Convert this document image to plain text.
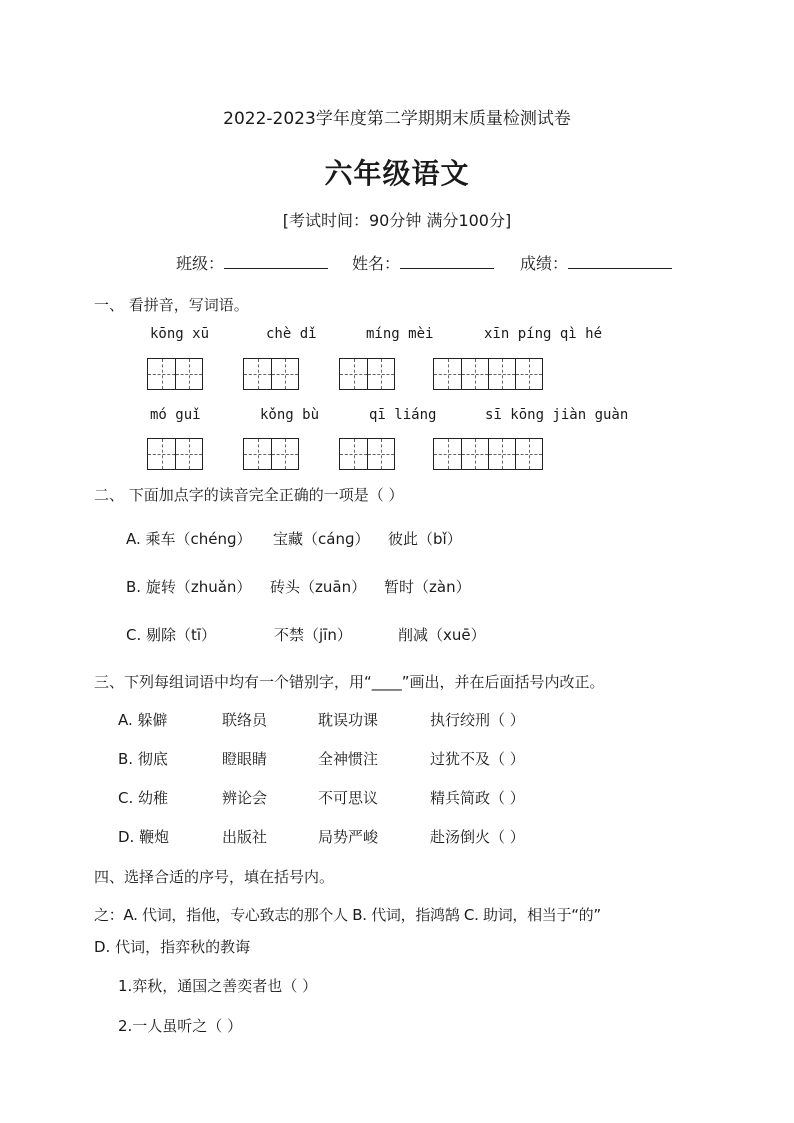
2022-2023学年度第二学期期末质量检测试卷
六年级语文
[考试时间：90分钟 满分100分]
班级：	姓名：	成绩：
一、 看拼音，写词语。
kōng xū	chè dǐ	míng mèi	xīn píng qì hé
mó guǐ	kǒng bù	qī liáng	sī kōng jiàn guàn
二、 下面加点字的读音完全正确的一项是（ ）
A. 乘车（chénɡ） 宝藏（cánɡ） 彼此（bǐ）
B. 旋转（zhuǎn） 砖头（zuān） 暂时（zàn）
C. 剔除（tī）	不禁（jīn）	削减（xuē）
三、下列每组词语中均有一个错别字，用“____”画出，并在后面括号内改正。
A. 躲僻	联络员	耽误功课	执行绞刑（ ）
B. 彻底	瞪眼睛	全神惯注	过犹不及（ ）
C. 幼稚	辨论会	不可思议	精兵简政（ ）
D. 鞭炮	出版社	局势严峻	赴汤倒火（ ）
四、选择合适的序号，填在括号内。
之：A. 代词，指他，专心致志的那个人 B. 代词，指鸿鹄 C. 助词，相当于“的”
D. 代词，指弈秋的教诲
1.弈秋，通国之善奕者也（ ）
2.一人虽听之（ ）
